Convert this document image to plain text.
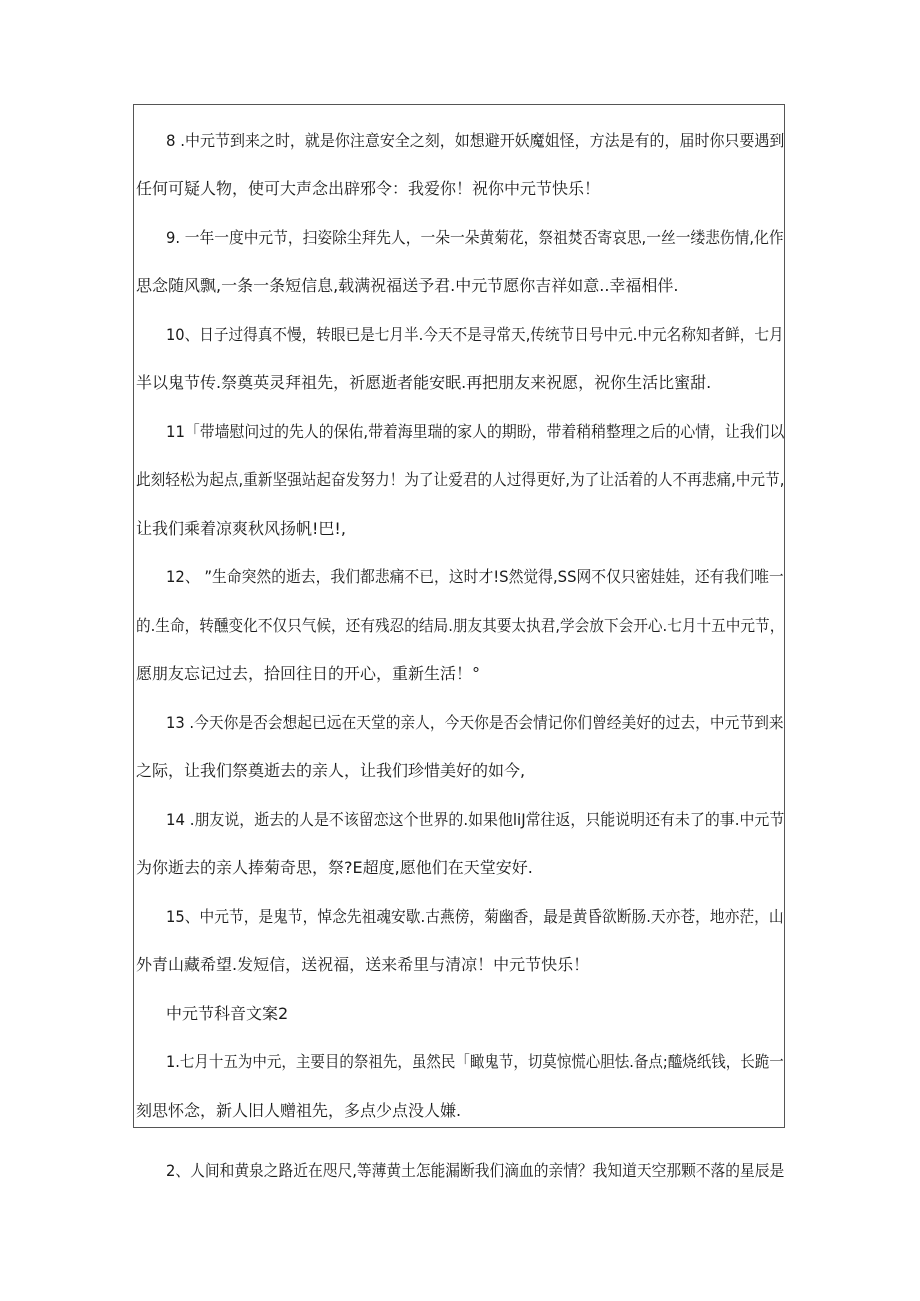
8 .中元节到来之时，就是你注意安全之刻，如想避开妖魔姐怪，方法是有的，届时你只要遇到

任何可疑人物，使可大声念出辟邪令：我爱你！祝你中元节快乐！

9. 一年一度中元节，扫姿除尘拜先人，一朵一朵黄菊花，祭祖焚否寄哀思,一丝一缕悲伤情,化作

思念随风飘,一条一条短信息,载满祝福送予君.中元节愿你吉祥如意..幸福相伴.

10、日子过得真不慢，转眼已是七月半.今天不是寻常天,传统节日号中元.中元名称知者鲜，七月

半以鬼节传.祭奠英灵拜祖先，祈愿逝者能安眠.再把朋友来祝愿，祝你生活比蜜甜.

11「带墙慰问过的先人的保佑,带着海里瑞的家人的期盼，带着稍稍整理之后的心情，让我们以

此刻轻松为起点,重新坚强站起奋发努力！为了让爱君的人过得更好,为了让活着的人不再悲痛,中元节,

让我们乘着凉爽秋风扬帆!巴!,

12、 ”生命突然的逝去，我们都悲痛不已，这时才!S然觉得,SS网不仅只密娃娃，还有我们唯一

的.生命，转醺变化不仅只气候，还有残忍的结局.朋友其要太执君,学会放下会开心.七月十五中元节，

愿朋友忘记过去，拾回往日的开心，重新生活！°

13 .今天你是否会想起已远在天堂的亲人，今天你是否会情记你们曾经美好的过去，中元节到来

之际，让我们祭奠逝去的亲人，让我们珍惜美好的如今,

14 .朋友说，逝去的人是不该留恋这个世界的.如果他liJ常往返，只能说明还有未了的事.中元节

为你逝去的亲人捧菊奇思，祭?E超度,愿他们在天堂安好.

15、中元节，是鬼节，悼念先祖魂安歇.古燕傍，菊幽香，最是黄昏欲断肠.天亦苍，地亦茫，山

外青山藏希望.发短信，送祝福，送来希里与清凉！中元节快乐！

中元节科音文案2

1.七月十五为中元，主要目的祭祖先，虽然民「瞰鬼节，切莫惊慌心胆怯.备点;醯烧纸钱，长跪一

刻思怀念，新人旧人赠祖先，多点少点没人嫌.

2、人间和黄泉之路近在咫尺,等薄黄土怎能漏断我们滴血的亲情？我知道天空那颗不落的星辰是
